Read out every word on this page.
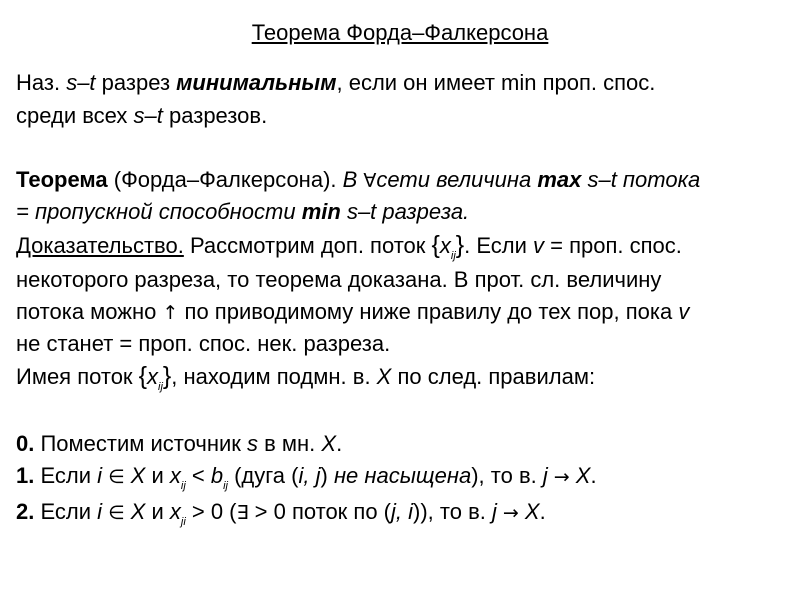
Теорема Форда–Фалкерсона
Наз. s–t разрез минимальным, если он имеет min проп. спос.
среди всех s–t разрезов.
Теорема (Форда–Фалкерсона). В ∀сети величина max s–t потока
= пропускной способности min s–t разреза.
Доказательство. Рассмотрим доп. поток $\{x_{ij}\}$. Если v = проп. спос.
некоторого разреза, то теорема доказана. В прот. сл. величину
потока можно ↑ по приводимому ниже правилу до тех пор, пока v
не станет = проп. спос. нек. разреза.
Имея поток $\{x_{ij}\}$, находим подмн. в. X по след. правилам:
0. Поместим источник s в мн. X.
1. Если i ∈ X и $x_{ij} < b_{ij}$ (дуга (i, j) не насыщена), то в. j → X.
2. Если i ∈ X и $x_{ji} > 0$ (∃ > 0 поток по (j, i)), то в. j → X.
